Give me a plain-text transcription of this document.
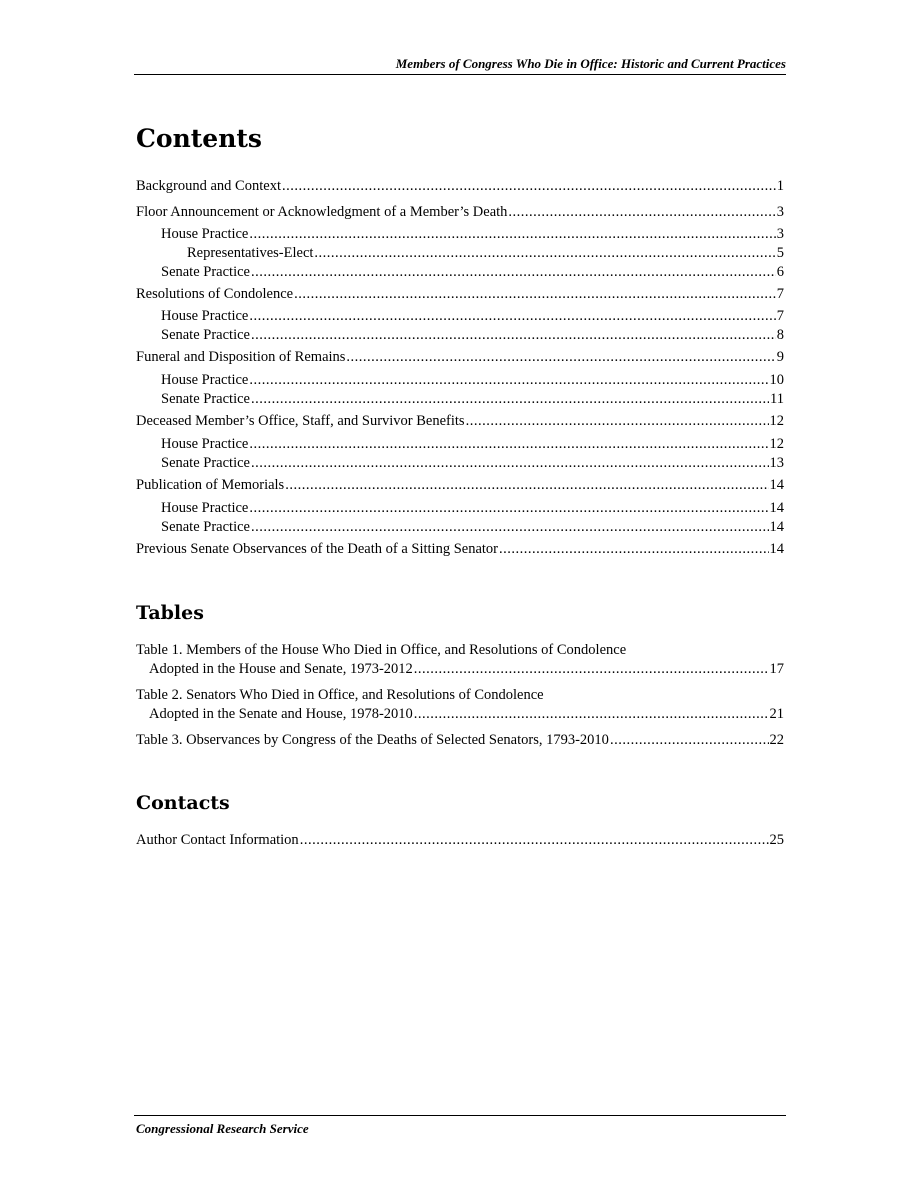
Members of Congress Who Die in Office: Historic and Current Practices
Contents
Background and Context .....	1
Floor Announcement or Acknowledgment of a Member’s Death .....	3
House Practice .....	3
Representatives-Elect .....	5
Senate Practice .....	6
Resolutions of Condolence .....	7
House Practice .....	7
Senate Practice .....	8
Funeral and Disposition of Remains .....	9
House Practice .....	10
Senate Practice .....	11
Deceased Member’s Office, Staff, and Survivor Benefits .....	12
House Practice .....	12
Senate Practice .....	13
Publication of Memorials .....	14
House Practice .....	14
Senate Practice .....	14
Previous Senate Observances of the Death of a Sitting Senator .....	14
Tables
Table 1. Members of the House Who Died in Office, and Resolutions of Condolence
Adopted in the House and Senate, 1973-2012 .....	17
Table 2. Senators Who Died in Office, and Resolutions of Condolence
Adopted in the Senate and House, 1978-2010 .....	21
Table 3. Observances by Congress of the Deaths of Selected Senators, 1793-2010 .....	22
Contacts
Author Contact Information .....	25
Congressional Research Service
